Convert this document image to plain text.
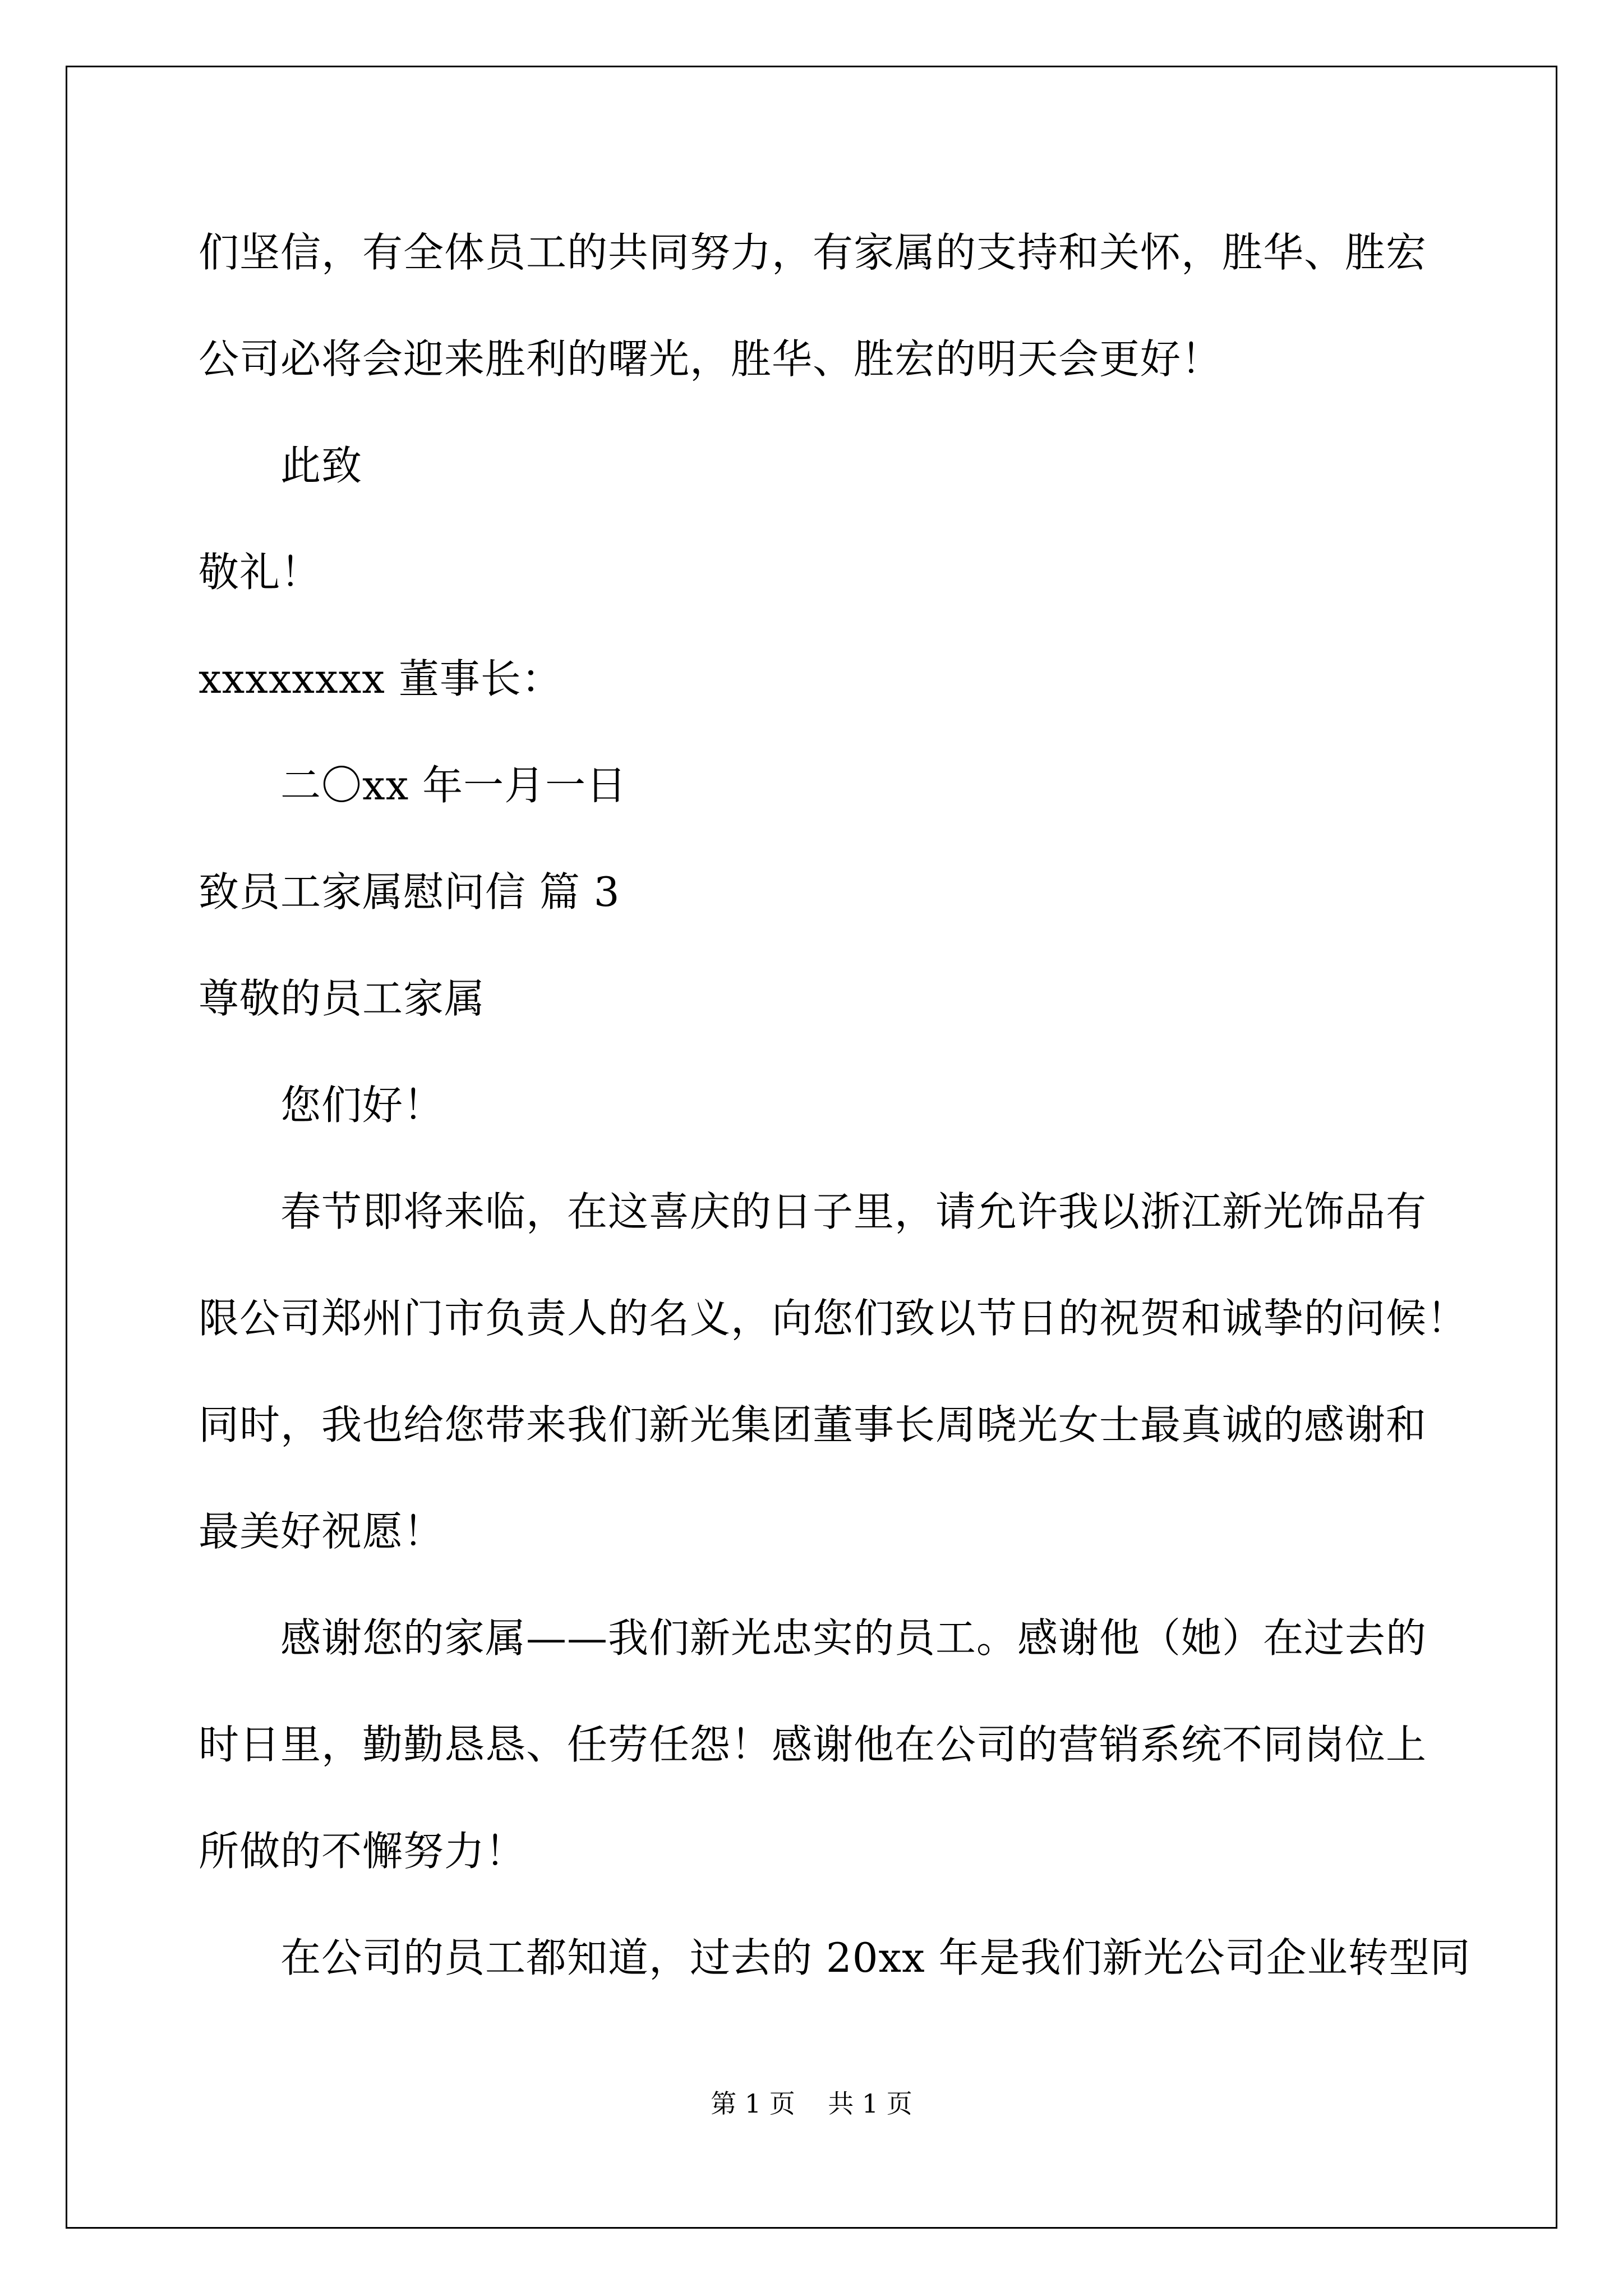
们坚信，有全体员工的共同努力，有家属的支持和关怀，胜华、胜宏
公司必将会迎来胜利的曙光，胜华、胜宏的明天会更好！
此致
敬礼！
xxxxxxxx 董事长：
二〇xx 年一月一日
致员工家属慰问信 篇 3
尊敬的员工家属
您们好！
春节即将来临，在这喜庆的日子里，请允许我以浙江新光饰品有
限公司郑州门市负责人的名义，向您们致以节日的祝贺和诚挚的问候！
同时，我也给您带来我们新光集团董事长周晓光女士最真诚的感谢和
最美好祝愿！
感谢您的家属——我们新光忠实的员工。感谢他（她）在过去的
时日里，勤勤恳恳、任劳任怨！感谢他在公司的营销系统不同岗位上
所做的不懈努力！
在公司的员工都知道，过去的 20xx 年是我们新光公司企业转型同
第 1 页    共 1 页
